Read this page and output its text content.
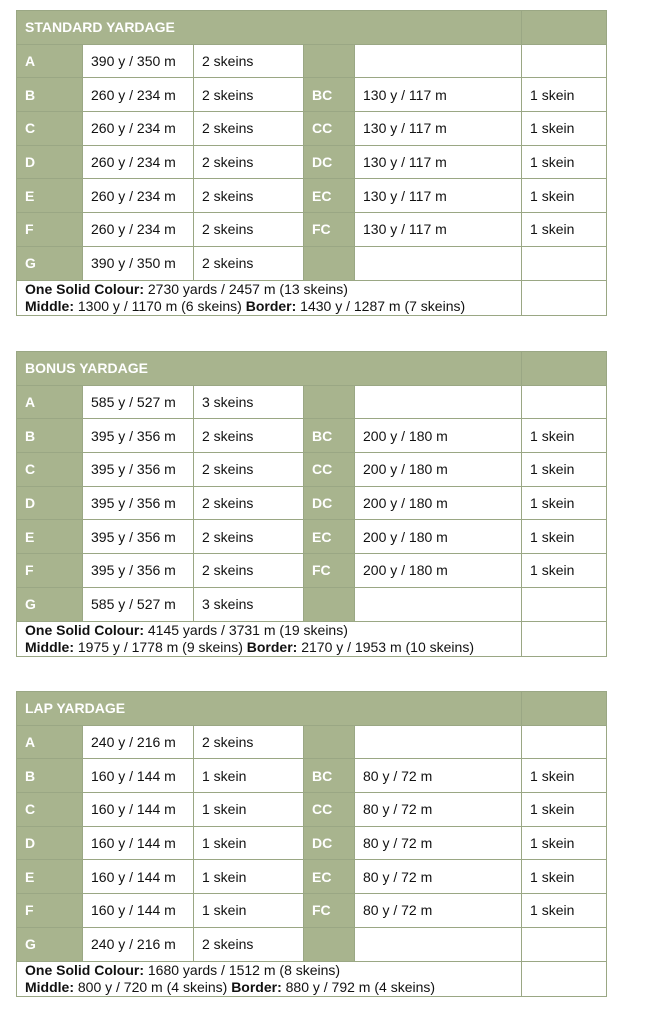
STANDARD YARDAGE					
A	390 y / 350 m	2 skeins			
B	260 y / 234 m	2 skeins	BC	130 y / 117 m	1 skein
C	260 y / 234 m	2 skeins	CC	130 y / 117 m	1 skein
D	260 y / 234 m	2 skeins	DC	130 y / 117 m	1 skein
E	260 y / 234 m	2 skeins	EC	130 y / 117 m	1 skein
F	260 y / 234 m	2 skeins	FC	130 y / 117 m	1 skein
G	390 y / 350 m	2 skeins			

One Solid Colour: 2730 yards / 2457 m (13 skeins)
Middle: 1300 y / 1170 m (6 skeins) Border: 1430 y / 1287 m (7 skeins)					

BONUS YARDAGE					
A	585 y / 527 m	3 skeins			
B	395 y / 356 m	2 skeins	BC	200 y / 180 m	1 skein
C	395 y / 356 m	2 skeins	CC	200 y / 180 m	1 skein
D	395 y / 356 m	2 skeins	DC	200 y / 180 m	1 skein
E	395 y / 356 m	2 skeins	EC	200 y / 180 m	1 skein
F	395 y / 356 m	2 skeins	FC	200 y / 180 m	1 skein
G	585 y / 527 m	3 skeins			

One Solid Colour: 4145 yards / 3731 m (19 skeins)
Middle: 1975 y / 1778 m (9 skeins) Border: 2170 y / 1953 m (10 skeins)					

LAP YARDAGE					
A	240 y / 216 m	2 skeins			
B	160 y / 144 m	1 skein	BC	80 y / 72 m	1 skein
C	160 y / 144 m	1 skein	CC	80 y / 72 m	1 skein
D	160 y / 144 m	1 skein	DC	80 y / 72 m	1 skein
E	160 y / 144 m	1 skein	EC	80 y / 72 m	1 skein
F	160 y / 144 m	1 skein	FC	80 y / 72 m	1 skein
G	240 y / 216 m	2 skeins			

One Solid Colour: 1680 yards / 1512 m (8 skeins)
Middle: 800 y / 720 m (4 skeins) Border: 880 y / 792 m (4 skeins)					
